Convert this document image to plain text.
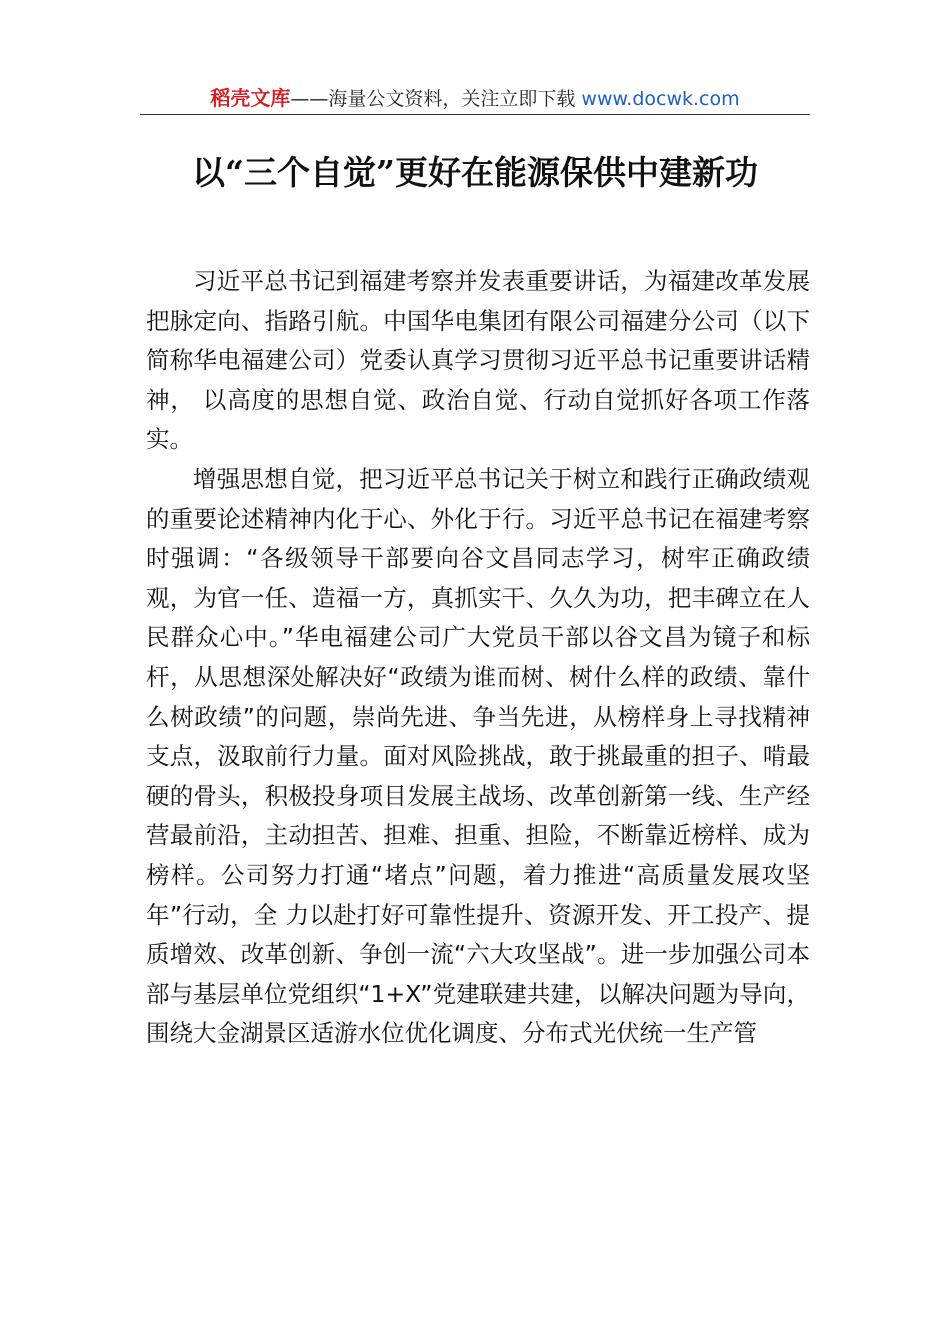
稻壳文库——海量公文资料，关注立即下载 www.docwk.com
以“三个自觉”更好在能源保供中建新功

习近平总书记到福建考察并发表重要讲话，为福建改革发展把脉定向、指路引航。中国华电集团有限公司福建分公司（以下简称华电福建公司）党委认真学习贯彻习近平总书记重要讲话精神， 以高度的思想自觉、政治自觉、行动自觉抓好各项工作落实。

增强思想自觉，把习近平总书记关于树立和践行正确政绩观的重要论述精神内化于心、外化于行。习近平总书记在福建考察时强调：“各级领导干部要向谷文昌同志学习，树牢正确政绩观，为官一任、造福一方，真抓实干、久久为功，把丰碑立在人民群众心中。”华电福建公司广大党员干部以谷文昌为镜子和标杆，从思想深处解决好“政绩为谁而树、树什么样的政绩、靠什么树政绩”的问题，崇尚先进、争当先进，从榜样身上寻找精神支点，汲取前行力量。面对风险挑战，敢于挑最重的担子、啃最硬的骨头，积极投身项目发展主战场、改革创新第一线、生产经营最前沿，主动担苦、担难、担重、担险，不断靠近榜样、成为榜样。公司努力打通“堵点”问题，着力推进“高质量发展攻坚年”行动，全 力以赴打好可靠性提升、资源开发、开工投产、提质增效、改革创新、争创一流“六大攻坚战”。进一步加强公司本部与基层单位党组织“1+X”党建联建共建，以解决问题为导向， 围绕大金湖景区适游水位优化调度、分布式光伏统一生产管
